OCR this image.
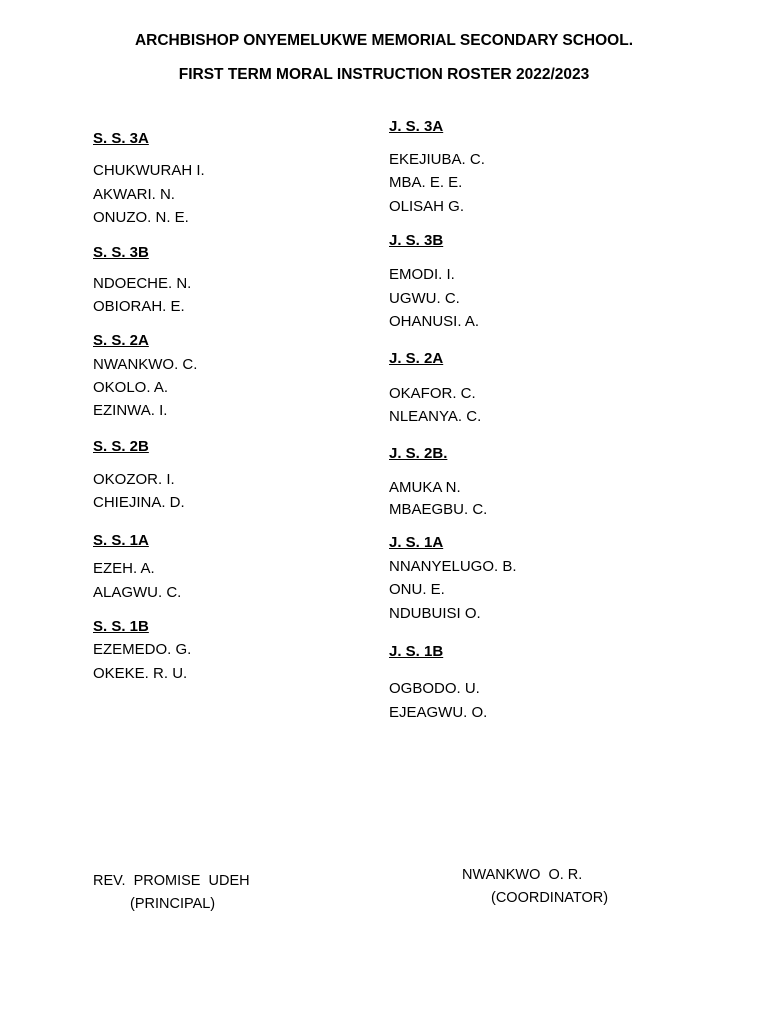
ARCHBISHOP ONYEMELUKWE MEMORIAL SECONDARY SCHOOL.
FIRST TERM MORAL INSTRUCTION ROSTER 2022/2023
S. S. 3A
CHUKWURAH I.
AKWARI. N.
ONUZO. N. E.
S. S. 3B
NDOECHE. N.
OBIORAH. E.
S. S. 2A
NWANKWO. C.
OKOLO. A.
EZINWA. I.
S. S. 2B
OKOZOR. I.
CHIEJINA. D.
S. S. 1A
EZEH. A.
ALAGWU. C.
S. S. 1B
EZEMEDO. G.
OKEKE. R. U.
J. S. 3A
EKEJIUBA. C.
MBA. E. E.
OLISAH G.
J. S. 3B
EMODI. I.
UGWU. C.
OHANUSI. A.
J. S. 2A
OKAFOR. C.
NLEANYA. C.
J. S. 2B.
AMUKA N.
MBAEGBU. C.
J. S. 1A
NNANYELUGO. B.
ONU. E.
NDUBUISI O.
J. S. 1B
OGBODO. U.
EJEAGWU. O.
REV.  PROMISE  UDEH
(PRINCIPAL)
NWANKWO  O. R.
(COORDINATOR)
